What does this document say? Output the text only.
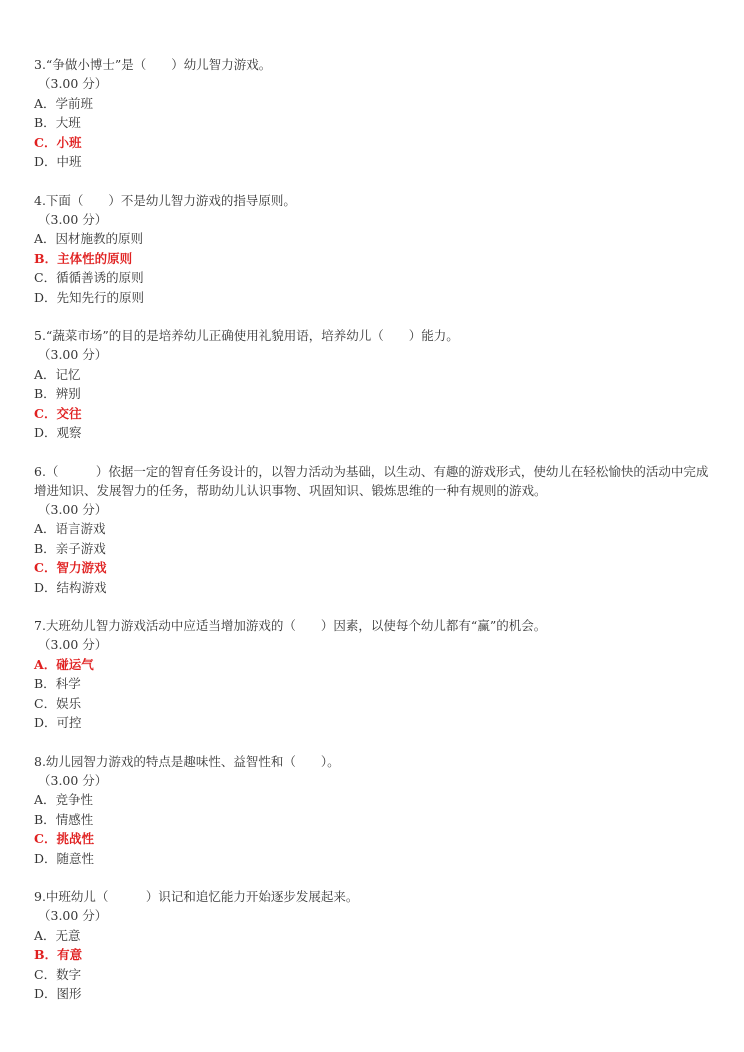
3.“争做小博士”是（　　）幼儿智力游戏。

（3.00 分）

A．学前班

B．大班

C．小班

D．中班

4.下面（　　）不是幼儿智力游戏的指导原则。

（3.00 分）

A．因材施教的原则

B．主体性的原则

C．循循善诱的原则

D．先知先行的原则

5.“蔬菜市场”的目的是培养幼儿正确使用礼貌用语，培养幼儿（　　）能力。

（3.00 分）

A．记忆

B．辨别

C．交往

D．观察

6.（　　　）依据一定的智育任务设计的，以智力活动为基础，以生动、有趣的游戏形式，使幼儿在轻松愉快的活动中完成增进知识、发展智力的任务，帮助幼儿认识事物、巩固知识、锻炼思维的一种有规则的游戏。

（3.00 分）

A．语言游戏

B．亲子游戏

C．智力游戏

D．结构游戏

7.大班幼儿智力游戏活动中应适当增加游戏的（　　）因素，以使每个幼儿都有“赢”的机会。

（3.00 分）

A．碰运气

B．科学

C．娱乐

D．可控

8.幼儿园智力游戏的特点是趣味性、益智性和（　　）。

（3.00 分）

A．竞争性

B．情感性

C．挑战性

D．随意性

9.中班幼儿（　　　）识记和追忆能力开始逐步发展起来。

（3.00 分）

A．无意

B．有意

C．数字

D．图形
